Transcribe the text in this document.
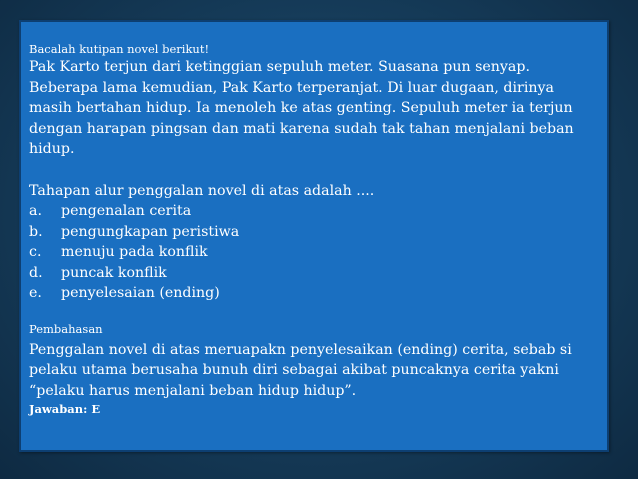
Bacalah kutipan novel berikut!

Pak Karto terjun dari ketinggian sepuluh meter. Suasana pun senyap.

Beberapa lama kemudian, Pak Karto terperanjat. Di luar dugaan, dirinya

masih bertahan hidup. Ia menoleh ke atas genting. Sepuluh meter ia terjun

dengan harapan pingsan dan mati karena sudah tak tahan menjalani beban

hidup.

Tahapan alur penggalan novel di atas adalah ....

a.	pengenalan cerita
b.	pengungkapan peristiwa
c.	menuju pada konflik
d.	puncak konflik
e.	penyelesaian (ending)

Pembahasan

Penggalan novel di atas meruapakn penyelesaikan (ending) cerita, sebab si

pelaku utama berusaha bunuh diri sebagai akibat puncaknya cerita yakni

“pelaku harus menjalani beban hidup hidup”.

Jawaban: E
